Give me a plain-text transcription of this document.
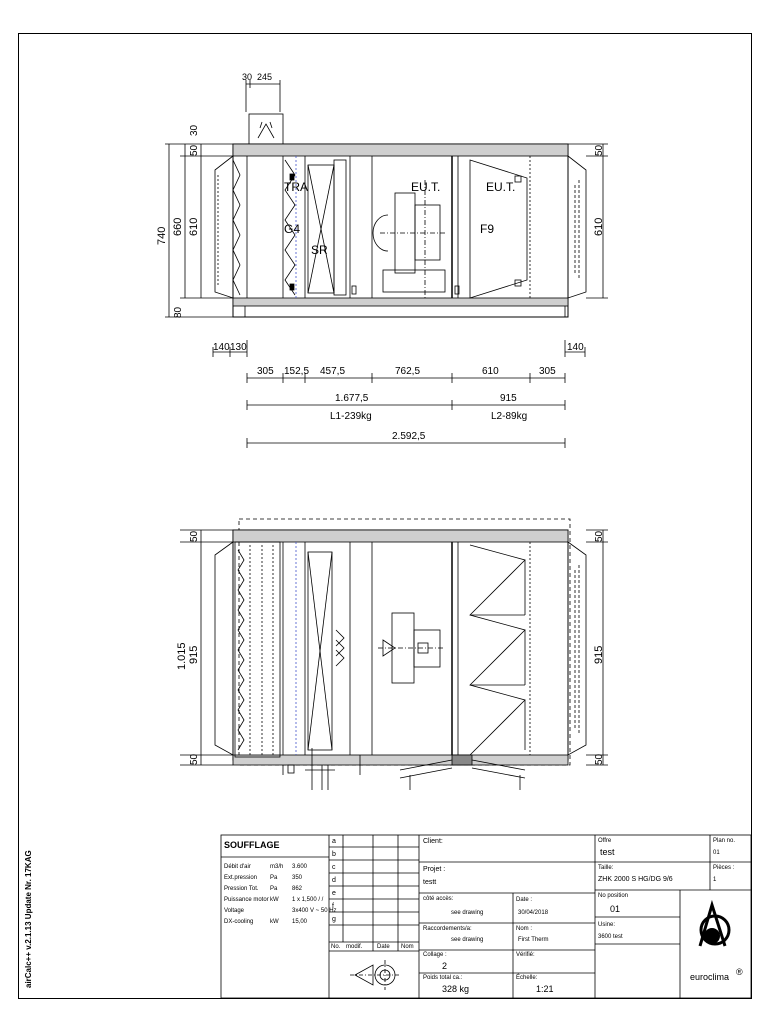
30 245
TRA
G4
SR
EU.T.	EU.T.
F9
740 660 610
50
30
80
50
610
140 130	140
305 152,5 457,5	762,5	610	305
1.677,5	915
L1-239kg	L2-89kg
2.592,5
50
1.015 915
50
50
915
50
airCalc++ v.2.1.13 Update Nr. 17KAG
SOUFFLAGE
Débit d'air	m3/h 3.600
Ext.pression Pa 350
Pression Tot. Pa 862
Puissance motor kW 1 x 1,500 / /
Voltage	3x400 V ~ 50 Hz
DX-cooling	kW 15,00
a
b
c
d
e
f
g
No. modif. Date Nom
Client:
Projet :
testt
côté accès:
see drawing
Date :
30/04/2018
Raccordements/a:
see drawing
Nom :
First Therm
Collage :
2
Vérifié:
Poids total ca.:
328 kg
Échelle:
1:21
Offre
test
Plan no.
01
Taille:
ZHK 2000 S HG/DG 9/6
Pièces :
1
No position
01
Usine:
3600 test
euroclima ®
